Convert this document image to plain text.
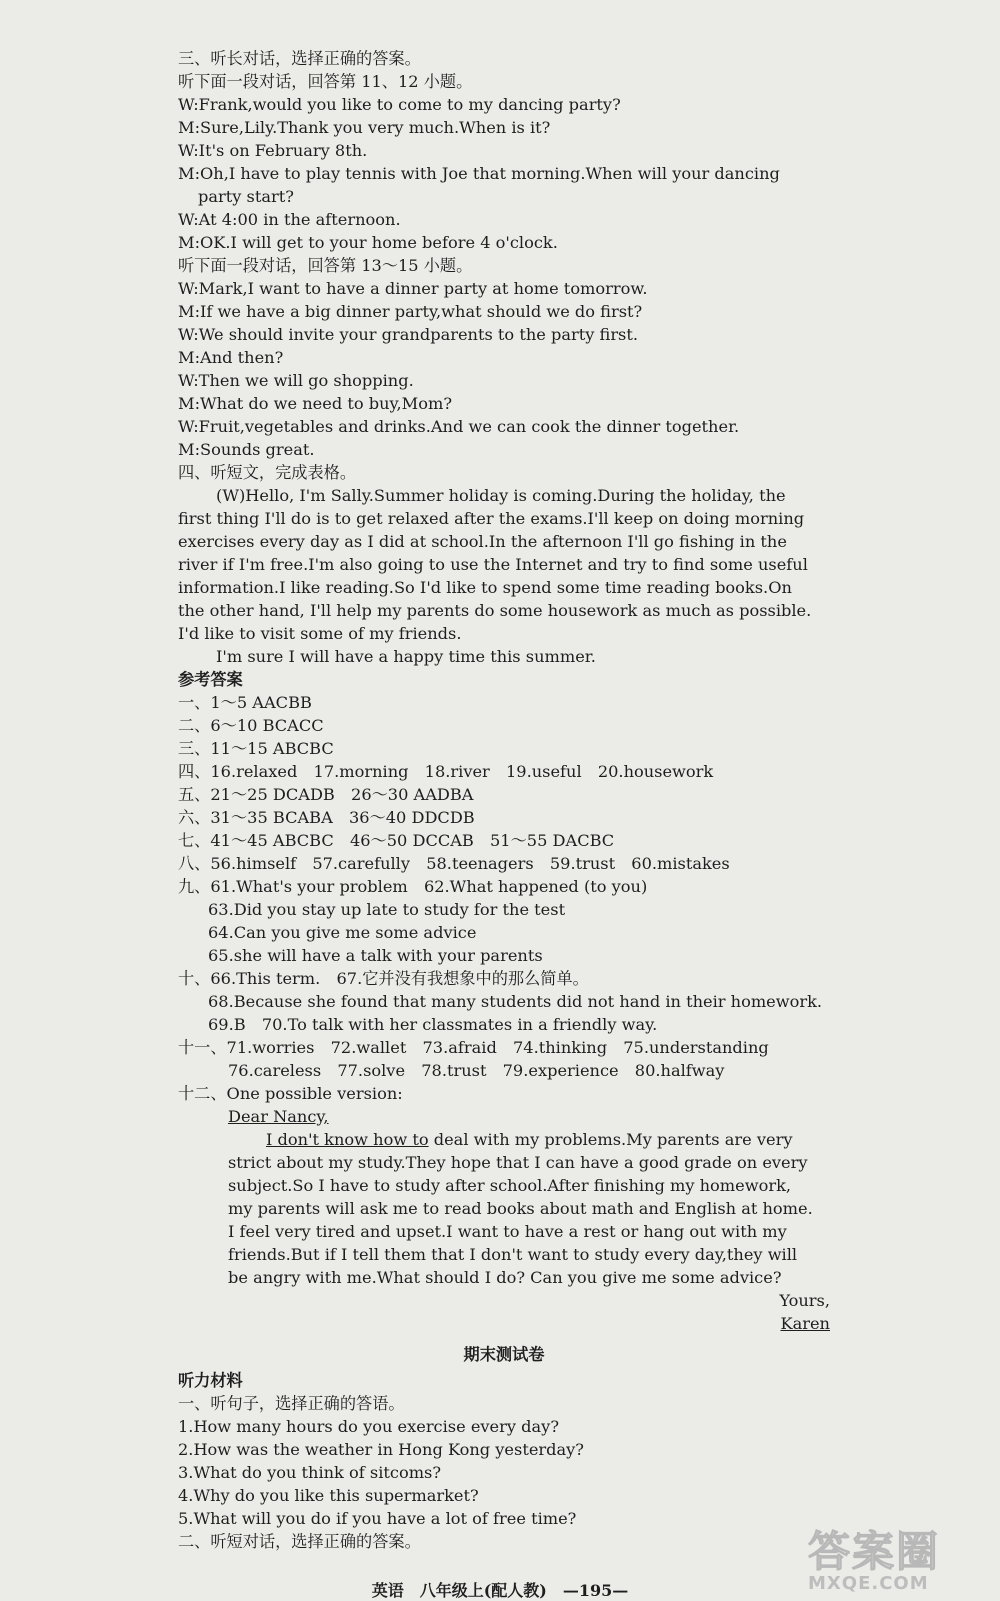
三、听长对话，选择正确的答案。
听下面一段对话，回答第 11、12 小题。
W:Frank,would you like to come to my dancing party?
M:Sure,Lily.Thank you very much.When is it?
W:It's on February 8th.
M:Oh,I have to play tennis with Joe that morning.When will your dancing
party start?
W:At 4:00 in the afternoon.
M:OK.I will get to your home before 4 o'clock.
听下面一段对话，回答第 13～15 小题。
W:Mark,I want to have a dinner party at home tomorrow.
M:If we have a big dinner party,what should we do first?
W:We should invite your grandparents to the party first.
M:And then?
W:Then we will go shopping.
M:What do we need to buy,Mom?
W:Fruit,vegetables and drinks.And we can cook the dinner together.
M:Sounds great.
四、听短文，完成表格。
(W)Hello, I'm Sally.Summer holiday is coming.During the holiday, the
first thing I'll do is to get relaxed after the exams.I'll keep on doing morning
exercises every day as I did at school.In the afternoon I'll go fishing in the
river if I'm free.I'm also going to use the Internet and try to find some useful
information.I like reading.So I'd like to spend some time reading books.On
the other hand, I'll help my parents do some housework as much as possible.
I'd like to visit some of my friends.
I'm sure I will have a happy time this summer.
参考答案
一、1～5 AACBB
二、6～10 BCACC
三、11～15 ABCBC
四、16.relaxed　17.morning　18.river　19.useful　20.housework
五、21～25 DCADB　26～30 AADBA
六、31～35 BCABA　36～40 DDCDB
七、41～45 ABCBC　46～50 DCCAB　51～55 DACBC
八、56.himself　57.carefully　58.teenagers　59.trust　60.mistakes
九、61.What's your problem　62.What happened (to you)
63.Did you stay up late to study for the test
64.Can you give me some advice
65.she will have a talk with your parents
十、66.This term.　67.它并没有我想象中的那么简单。
68.Because she found that many students did not hand in their homework.
69.B　70.To talk with her classmates in a friendly way.
十一、71.worries　72.wallet　73.afraid　74.thinking　75.understanding
76.careless　77.solve　78.trust　79.experience　80.halfway
十二、One possible version:
Dear Nancy,
I don't know how to deal with my problems.My parents are very
strict about my study.They hope that I can have a good grade on every
subject.So I have to study after school.After finishing my homework,
my parents will ask me to read books about math and English at home.
I feel very tired and upset.I want to have a rest or hang out with my
friends.But if I tell them that I don't want to study every day,they will
be angry with me.What should I do? Can you give me some advice?
Yours,
Karen
期末测试卷
听力材料
一、听句子，选择正确的答语。
1.How many hours do you exercise every day?
2.How was the weather in Hong Kong yesterday?
3.What do you think of sitcoms?
4.Why do you like this supermarket?
5.What will you do if you have a lot of free time?
二、听短对话，选择正确的答案。
英语　八年级上(配人教)　—195—
答案圈
MXQE.COM
